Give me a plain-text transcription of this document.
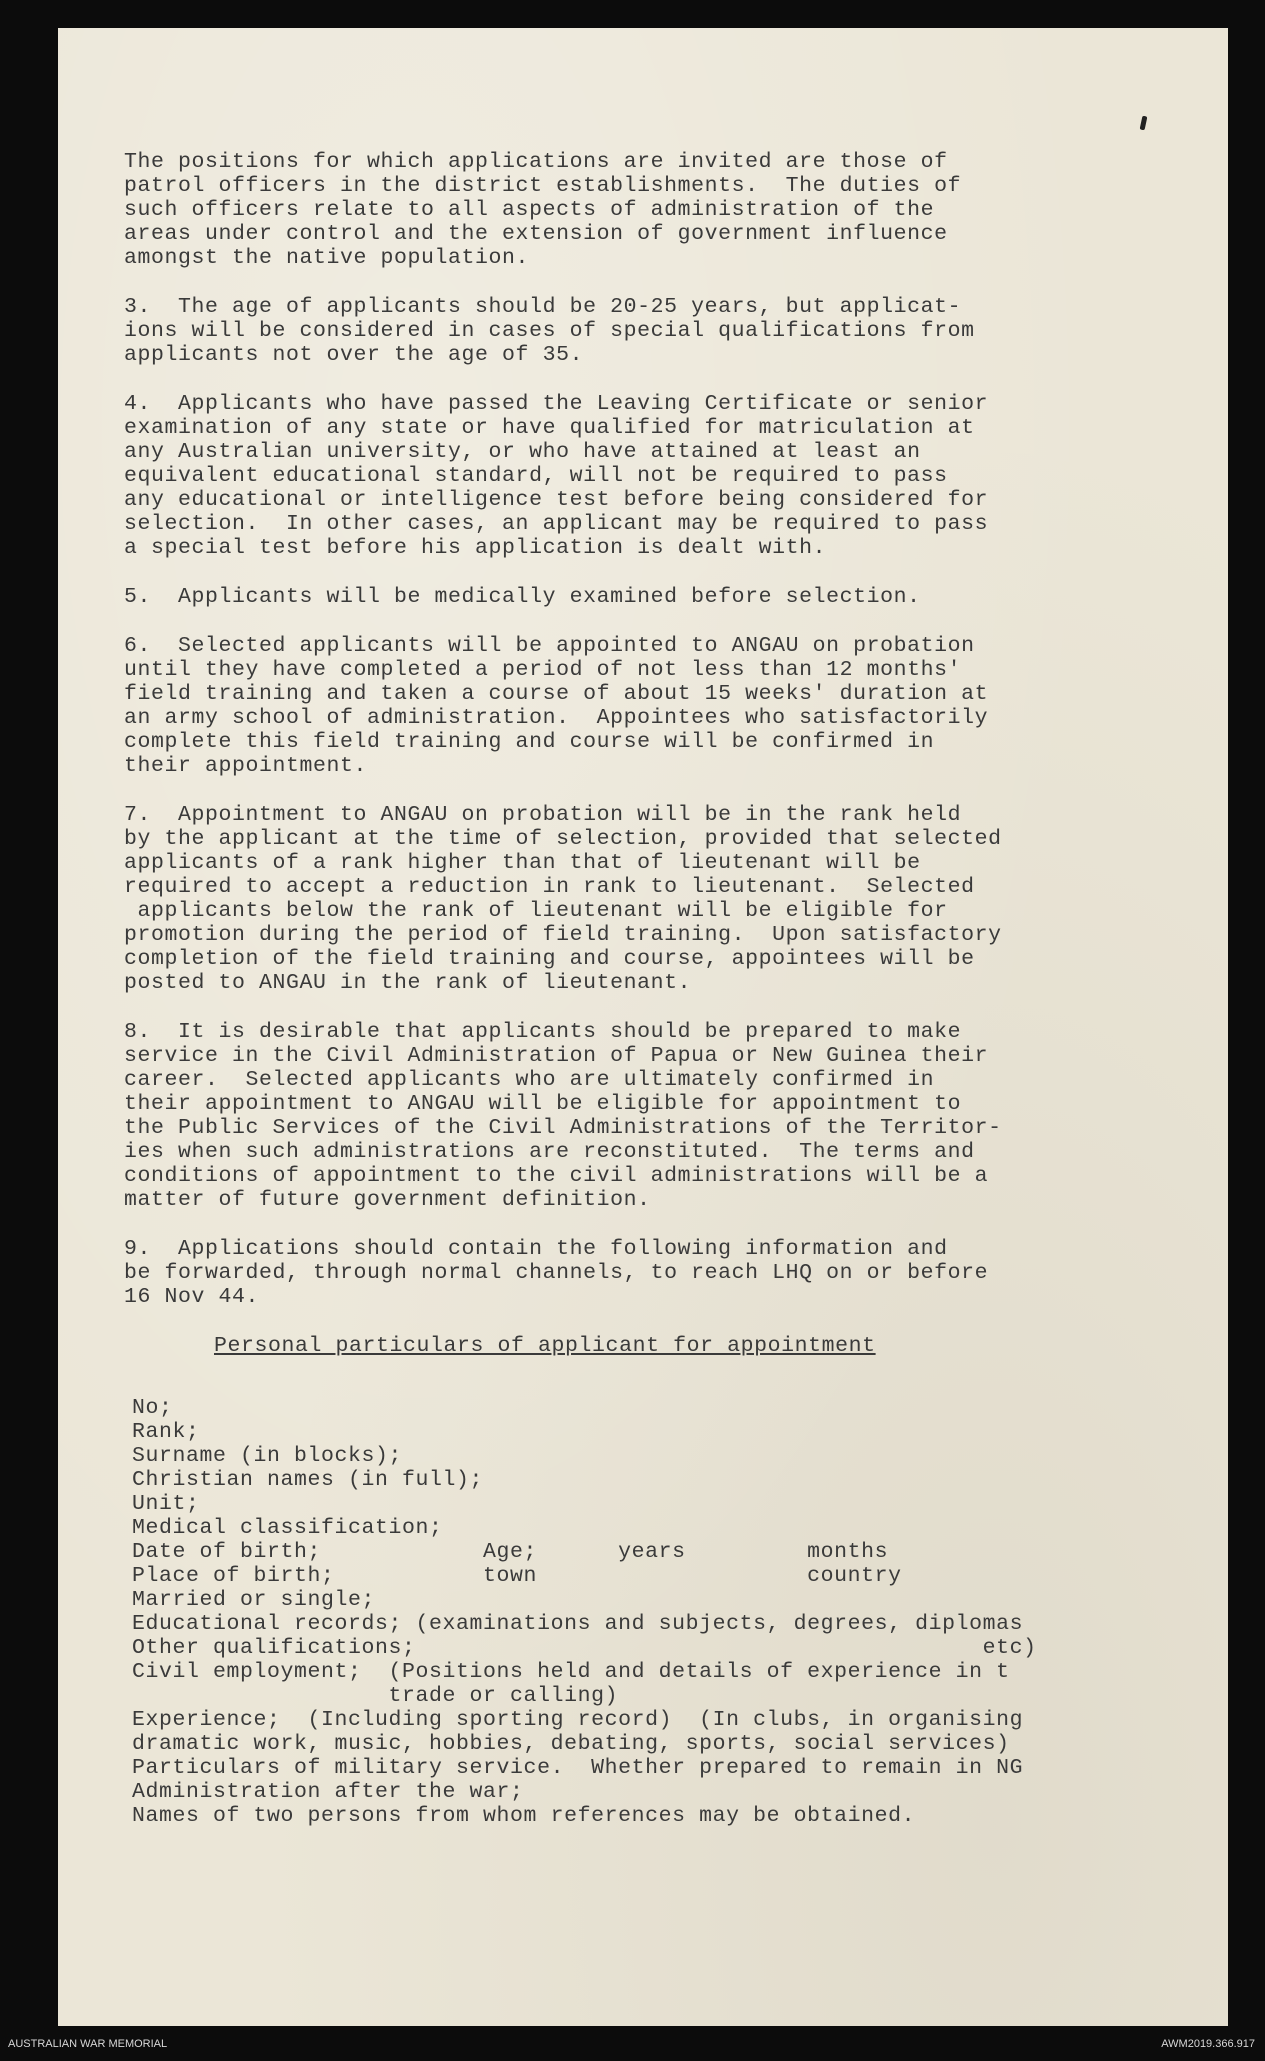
The positions for which applications are invited are those of
patrol officers in the district establishments.  The duties of
such officers relate to all aspects of administration of the
areas under control and the extension of government influence
amongst the native population.
3.  The age of applicants should be 20-25 years, but applicat-
ions will be considered in cases of special qualifications from
applicants not over the age of 35.
4.  Applicants who have passed the Leaving Certificate or senior
examination of any state or have qualified for matriculation at
any Australian university, or who have attained at least an
equivalent educational standard, will not be required to pass
any educational or intelligence test before being considered for
selection.  In other cases, an applicant may be required to pass
a special test before his application is dealt with.
5.  Applicants will be medically examined before selection.
6.  Selected applicants will be appointed to ANGAU on probation
until they have completed a period of not less than 12 months'
field training and taken a course of about 15 weeks' duration at
an army school of administration.  Appointees who satisfactorily
complete this field training and course will be confirmed in
their appointment.
7.  Appointment to ANGAU on probation will be in the rank held
by the applicant at the time of selection, provided that selected
applicants of a rank higher than that of lieutenant will be
required to accept a reduction in rank to lieutenant.  Selected
applicants below the rank of lieutenant will be eligible for
promotion during the period of field training.  Upon satisfactory
completion of the field training and course, appointees will be
posted to ANGAU in the rank of lieutenant.
8.  It is desirable that applicants should be prepared to make
service in the Civil Administration of Papua or New Guinea their
career.  Selected applicants who are ultimately confirmed in
their appointment to ANGAU will be eligible for appointment to
the Public Services of the Civil Administrations of the Territor-
ies when such administrations are reconstituted.  The terms and
conditions of appointment to the civil administrations will be a
matter of future government definition.
9.  Applications should contain the following information and
be forwarded, through normal channels, to reach LHQ on or before
16 Nov 44.
Personal particulars of applicant for appointment
No;
Rank;
Surname (in blocks);
Christian names (in full);
Unit;
Medical classification;
Date of birth;            Age;      years         months
Place of birth;           town                    country
Married or single;
Educational records; (examinations and subjects, degrees, diplomas
Other qualifications;                                          etc)
Civil employment;  (Positions held and details of experience in t
trade or calling)
Experience;  (Including sporting record)  (In clubs, in organising
dramatic work, music, hobbies, debating, sports, social services)
Particulars of military service.  Whether prepared to remain in NG
Administration after the war;
Names of two persons from whom references may be obtained.
AUSTRALIAN WAR MEMORIAL	AWM2019.366.917
